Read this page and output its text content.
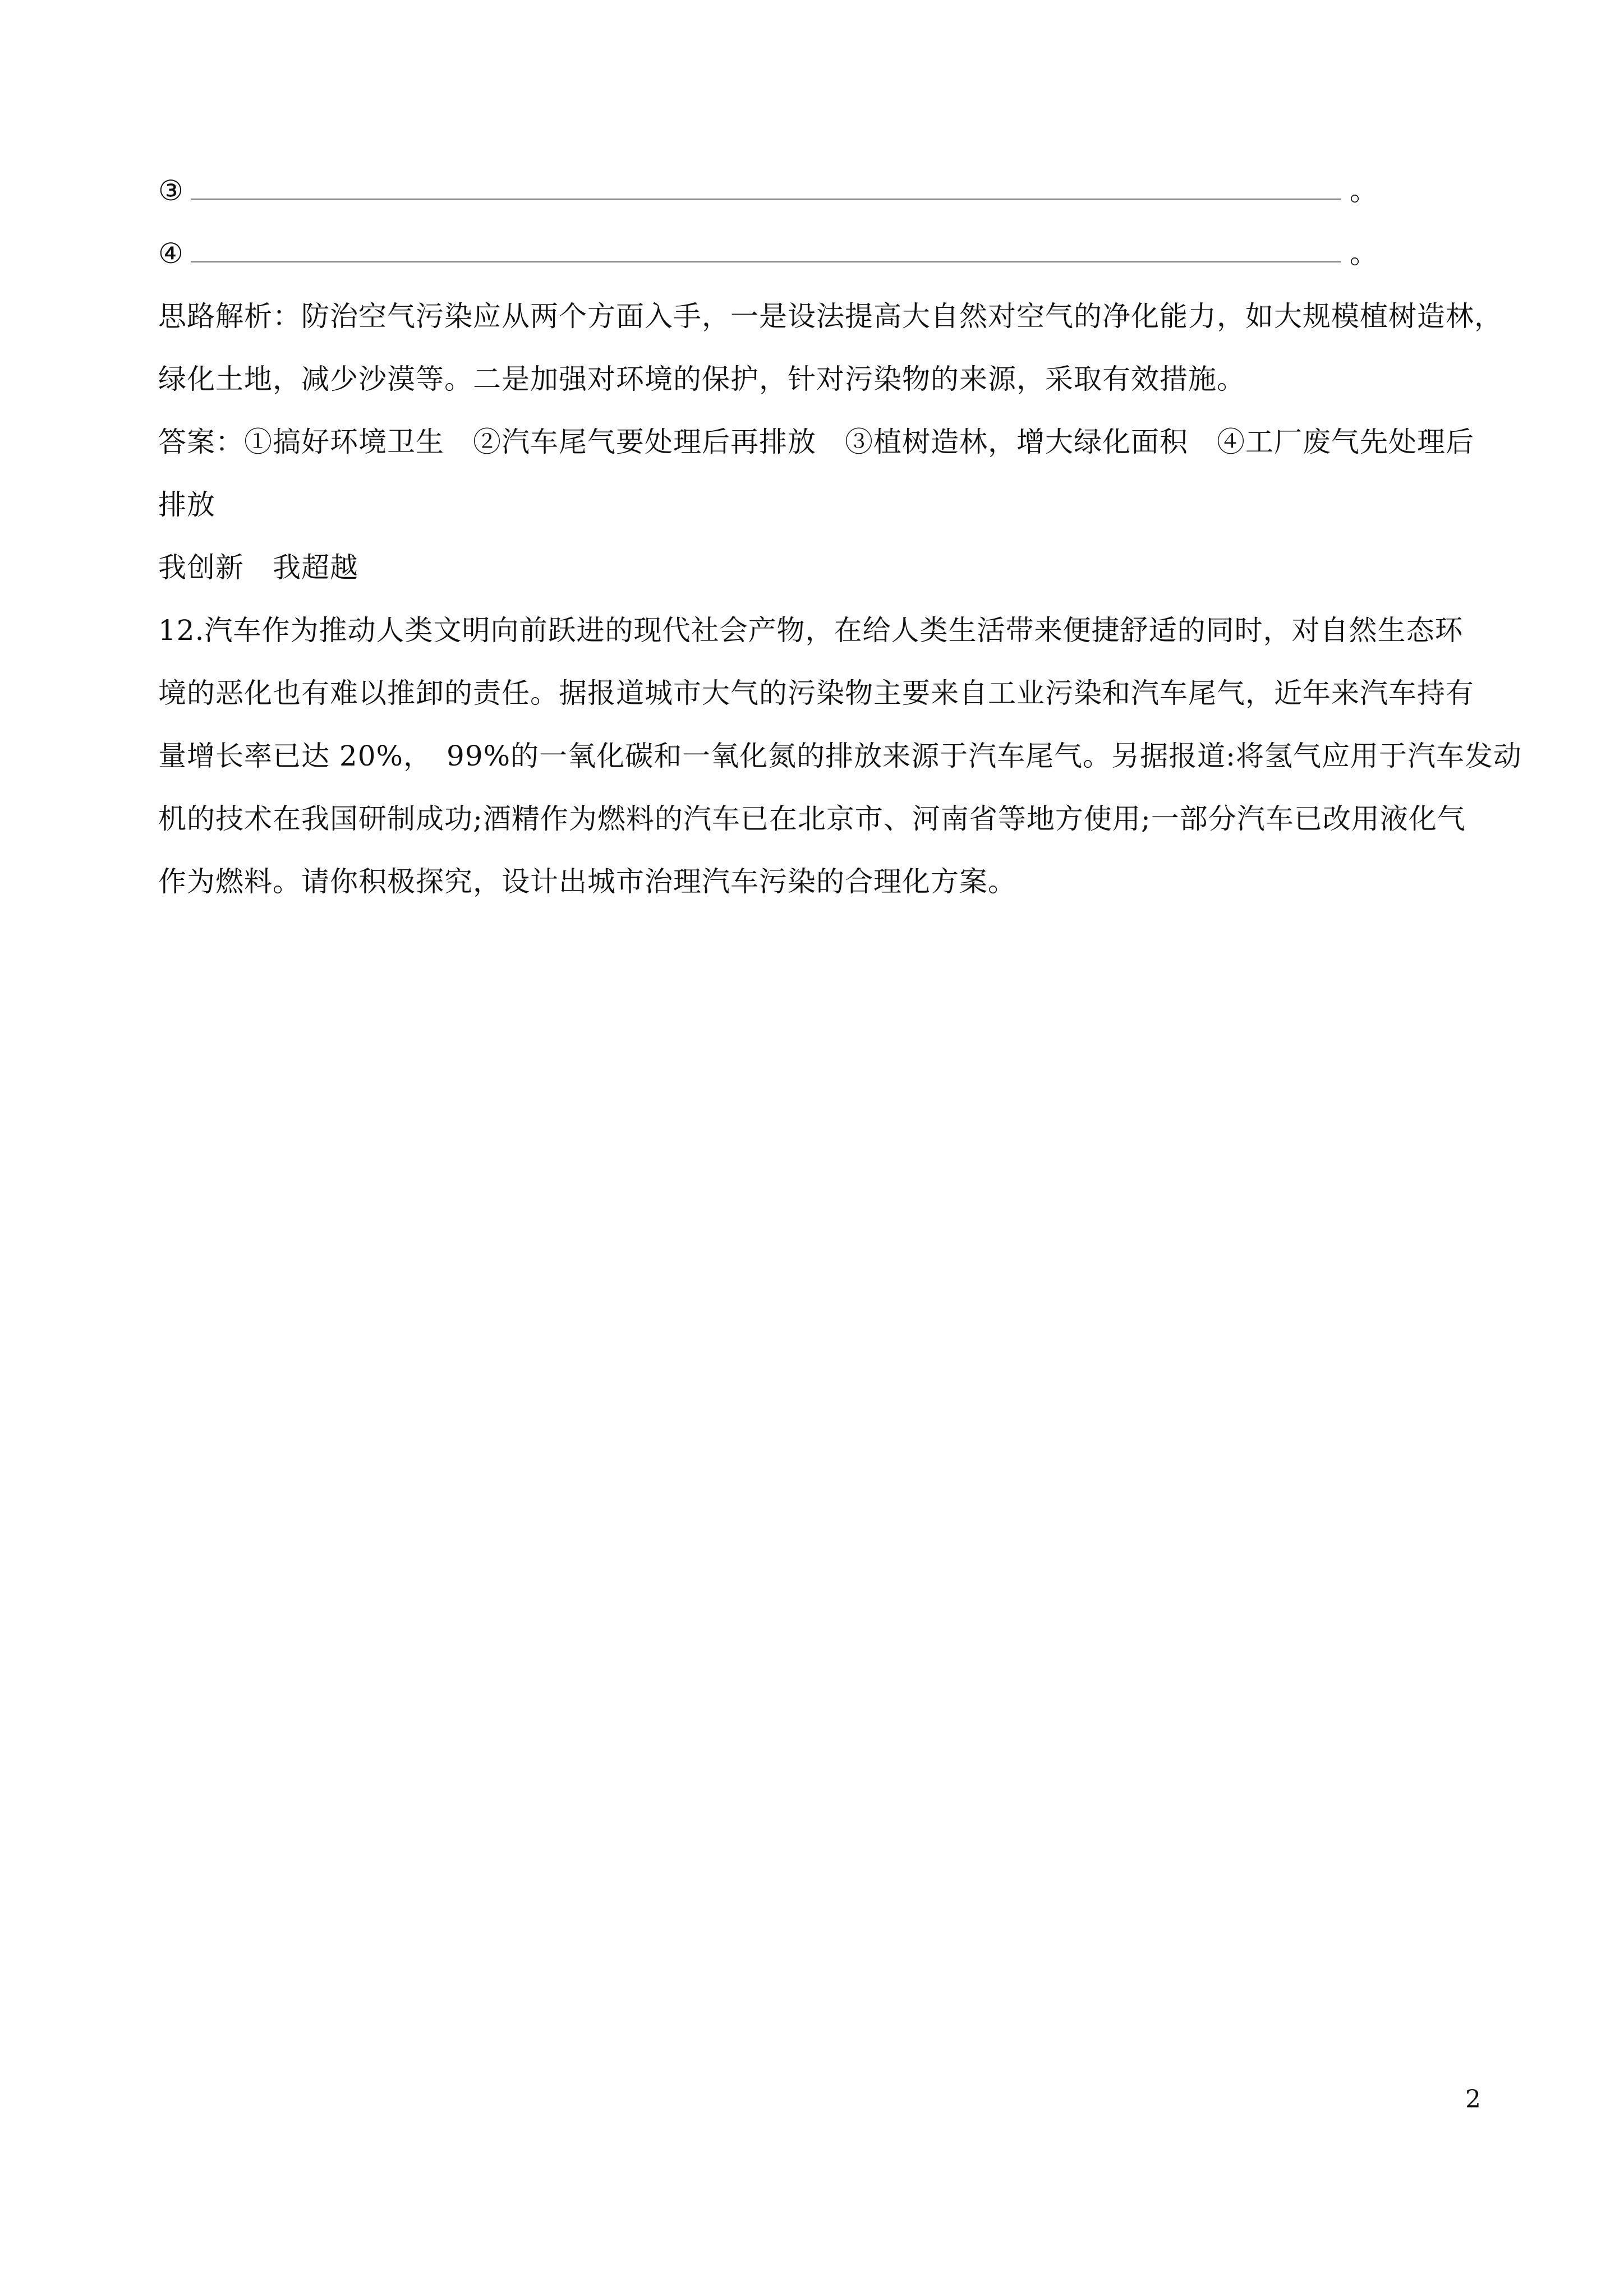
③	。
④	。
思路解析：防治空气污染应从两个方面入手，一是设法提高大自然对空气的净化能力，如大规模植树造林，
绿化土地，减少沙漠等。二是加强对环境的保护，针对污染物的来源，采取有效措施。
答案：①搞好环境卫生　②汽车尾气要处理后再排放　③植树造林，增大绿化面积　④工厂废气先处理后
排放
我创新　我超越
12.汽车作为推动人类文明向前跃进的现代社会产物，在给人类生活带来便捷舒适的同时，对自然生态环
境的恶化也有难以推卸的责任。据报道城市大气的污染物主要来自工业污染和汽车尾气，近年来汽车持有
量增长率已达 20%，　99%的一氧化碳和一氧化氮的排放来源于汽车尾气。另据报道:将氢气应用于汽车发动
机的技术在我国研制成功;酒精作为燃料的汽车已在北京市、河南省等地方使用;一部分汽车已改用液化气
作为燃料。请你积极探究，设计出城市治理汽车污染的合理化方案。
2
